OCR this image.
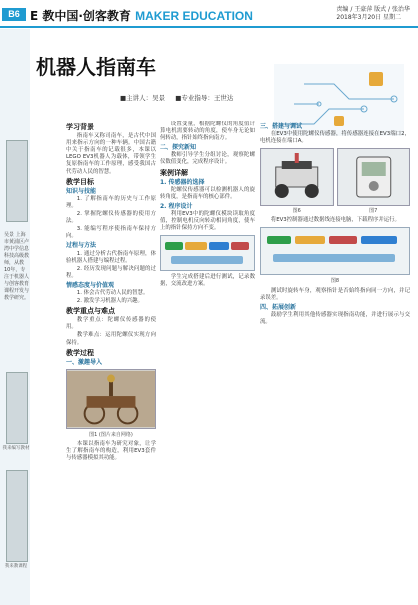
B6 E 教中国·创客教育 MAKER EDUCATION	责编 / 王豪萍 版式 / 张治华
2018年3月20日 星期二
吴景 上海市黄浦区卢湾中学信息科技高级教师，从教10年，专注于机器人与创客教育课程开发与教学研究。
我来编写教材
我来教课程
机器人指南车
■主讲人：吴景 ■专业指导：王世达
学习背景

指南车又称司南车，是古代中国用来指示方向的一种车辆。中国古籍中关于指南车的记载很多，本课以LEGO EV3机器人为载体，带领学生复原指南车的工作原理，感受我国古代劳动人民的智慧。

教学目标
知识与技能

1. 了解指南车的历史与工作原理。

2. 掌握陀螺仪传感器的使用方法。

3. 能编写程序使指南车保持方向。

过程与方法

1. 通过分析古代指南车原理，体验机器人搭建与编程过程。

2. 经历发现问题与解决问题的过程。

情感态度与价值观

1. 体会古代劳动人民的智慧。

2. 激发学习机器人的兴趣。

教学重点与难点

教学重点：陀螺仪传感器的使用。

教学难点：运用陀螺仪实现方向保持。

教学过程
一、激趣导入
图1 (图片来自网络)

本课以指南车为研究对象，让学生了解指南车的构造，利用EV3套件与传感器模拟其功能。

设置变量，根据陀螺仪的角度值计算电机需要转动的角度，使车身无论如何转动，指针始终指向南方。

二、探究新知

教师引导学生分组讨论，观察陀螺仪数值变化，完成程序设计。

案例详解
1. 传感器的选择

陀螺仪传感器可以检测机器人的旋转角度，是指南车的核心部件。

2. 程序设计

利用EV3中的陀螺仪模块读取角度值，控制电机反向转动相同角度，使车上的指针保持方向不变。

学生完成搭建后进行测试，记录数据，交流改进方案。

三、搭建与调试

在EV3中使用陀螺仪传感器，将传感器连接在EV3端口2，电机连接在端口A。

图6	图7

将EV3控制器通过数据线连接电脑，下载程序并运行。

图8

测试时旋转车身，观察指针是否始终指向同一方向，并记录误差。

四、拓展创新

鼓励学生利用其他传感器实现指南功能，并进行展示与交流。
